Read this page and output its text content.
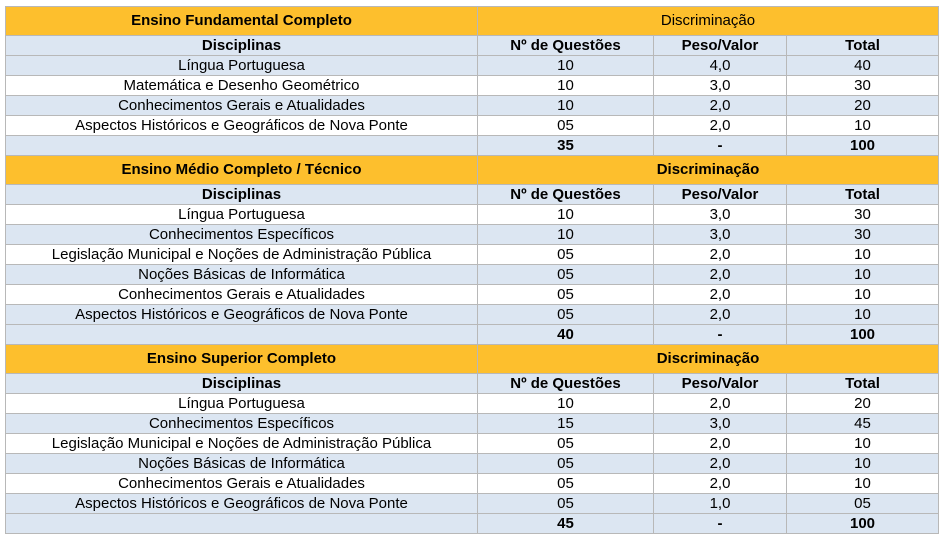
Ensino Fundamental Completo	Discriminação		
Disciplinas	Nº de Questões	Peso/Valor	Total
Língua Portuguesa	10	4,0	40
Matemática e Desenho Geométrico	10	3,0	30
Conhecimentos Gerais e Atualidades	10	2,0	20
Aspectos Históricos e Geográficos de Nova Ponte	05	2,0	10
	35	-	100
Ensino Médio Completo / Técnico	Discriminação		
Disciplinas	Nº de Questões	Peso/Valor	Total
Língua Portuguesa	10	3,0	30
Conhecimentos Específicos	10	3,0	30
Legislação Municipal e Noções de Administração Pública	05	2,0	10
Noções Básicas de Informática	05	2,0	10
Conhecimentos Gerais e Atualidades	05	2,0	10
Aspectos Históricos e Geográficos de Nova Ponte	05	2,0	10
	40	-	100
Ensino Superior Completo	Discriminação		
Disciplinas	Nº de Questões	Peso/Valor	Total
Língua Portuguesa	10	2,0	20
Conhecimentos Específicos	15	3,0	45
Legislação Municipal e Noções de Administração Pública	05	2,0	10
Noções Básicas de Informática	05	2,0	10
Conhecimentos Gerais e Atualidades	05	2,0	10
Aspectos Históricos e Geográficos de Nova Ponte	05	1,0	05
	45	-	100
